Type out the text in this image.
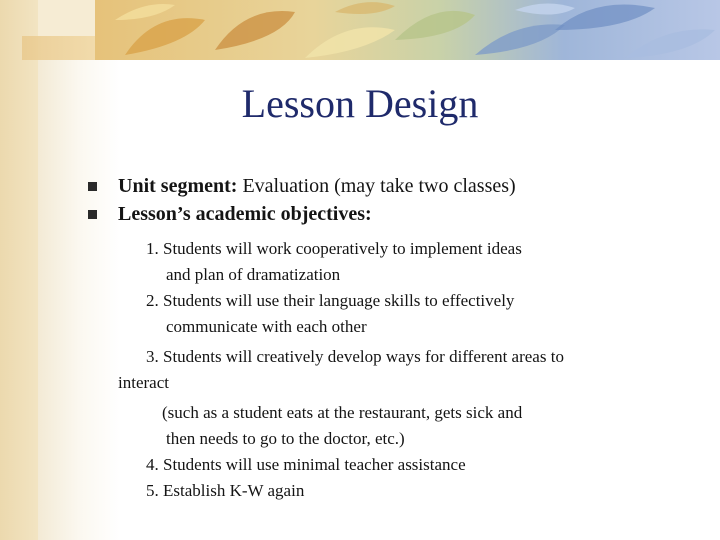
Lesson Design
Unit segment: Evaluation (may take two classes)
Lesson’s academic objectives:

1. Students will work cooperatively to implement ideas

and plan of dramatization

2. Students will use their language skills to effectively

communicate with each other

3. Students will creatively develop ways for different areas to

interact

(such as a student eats at the restaurant, gets sick and

then needs to go to the doctor, etc.)

4. Students will use minimal teacher assistance

5. Establish K-W again
